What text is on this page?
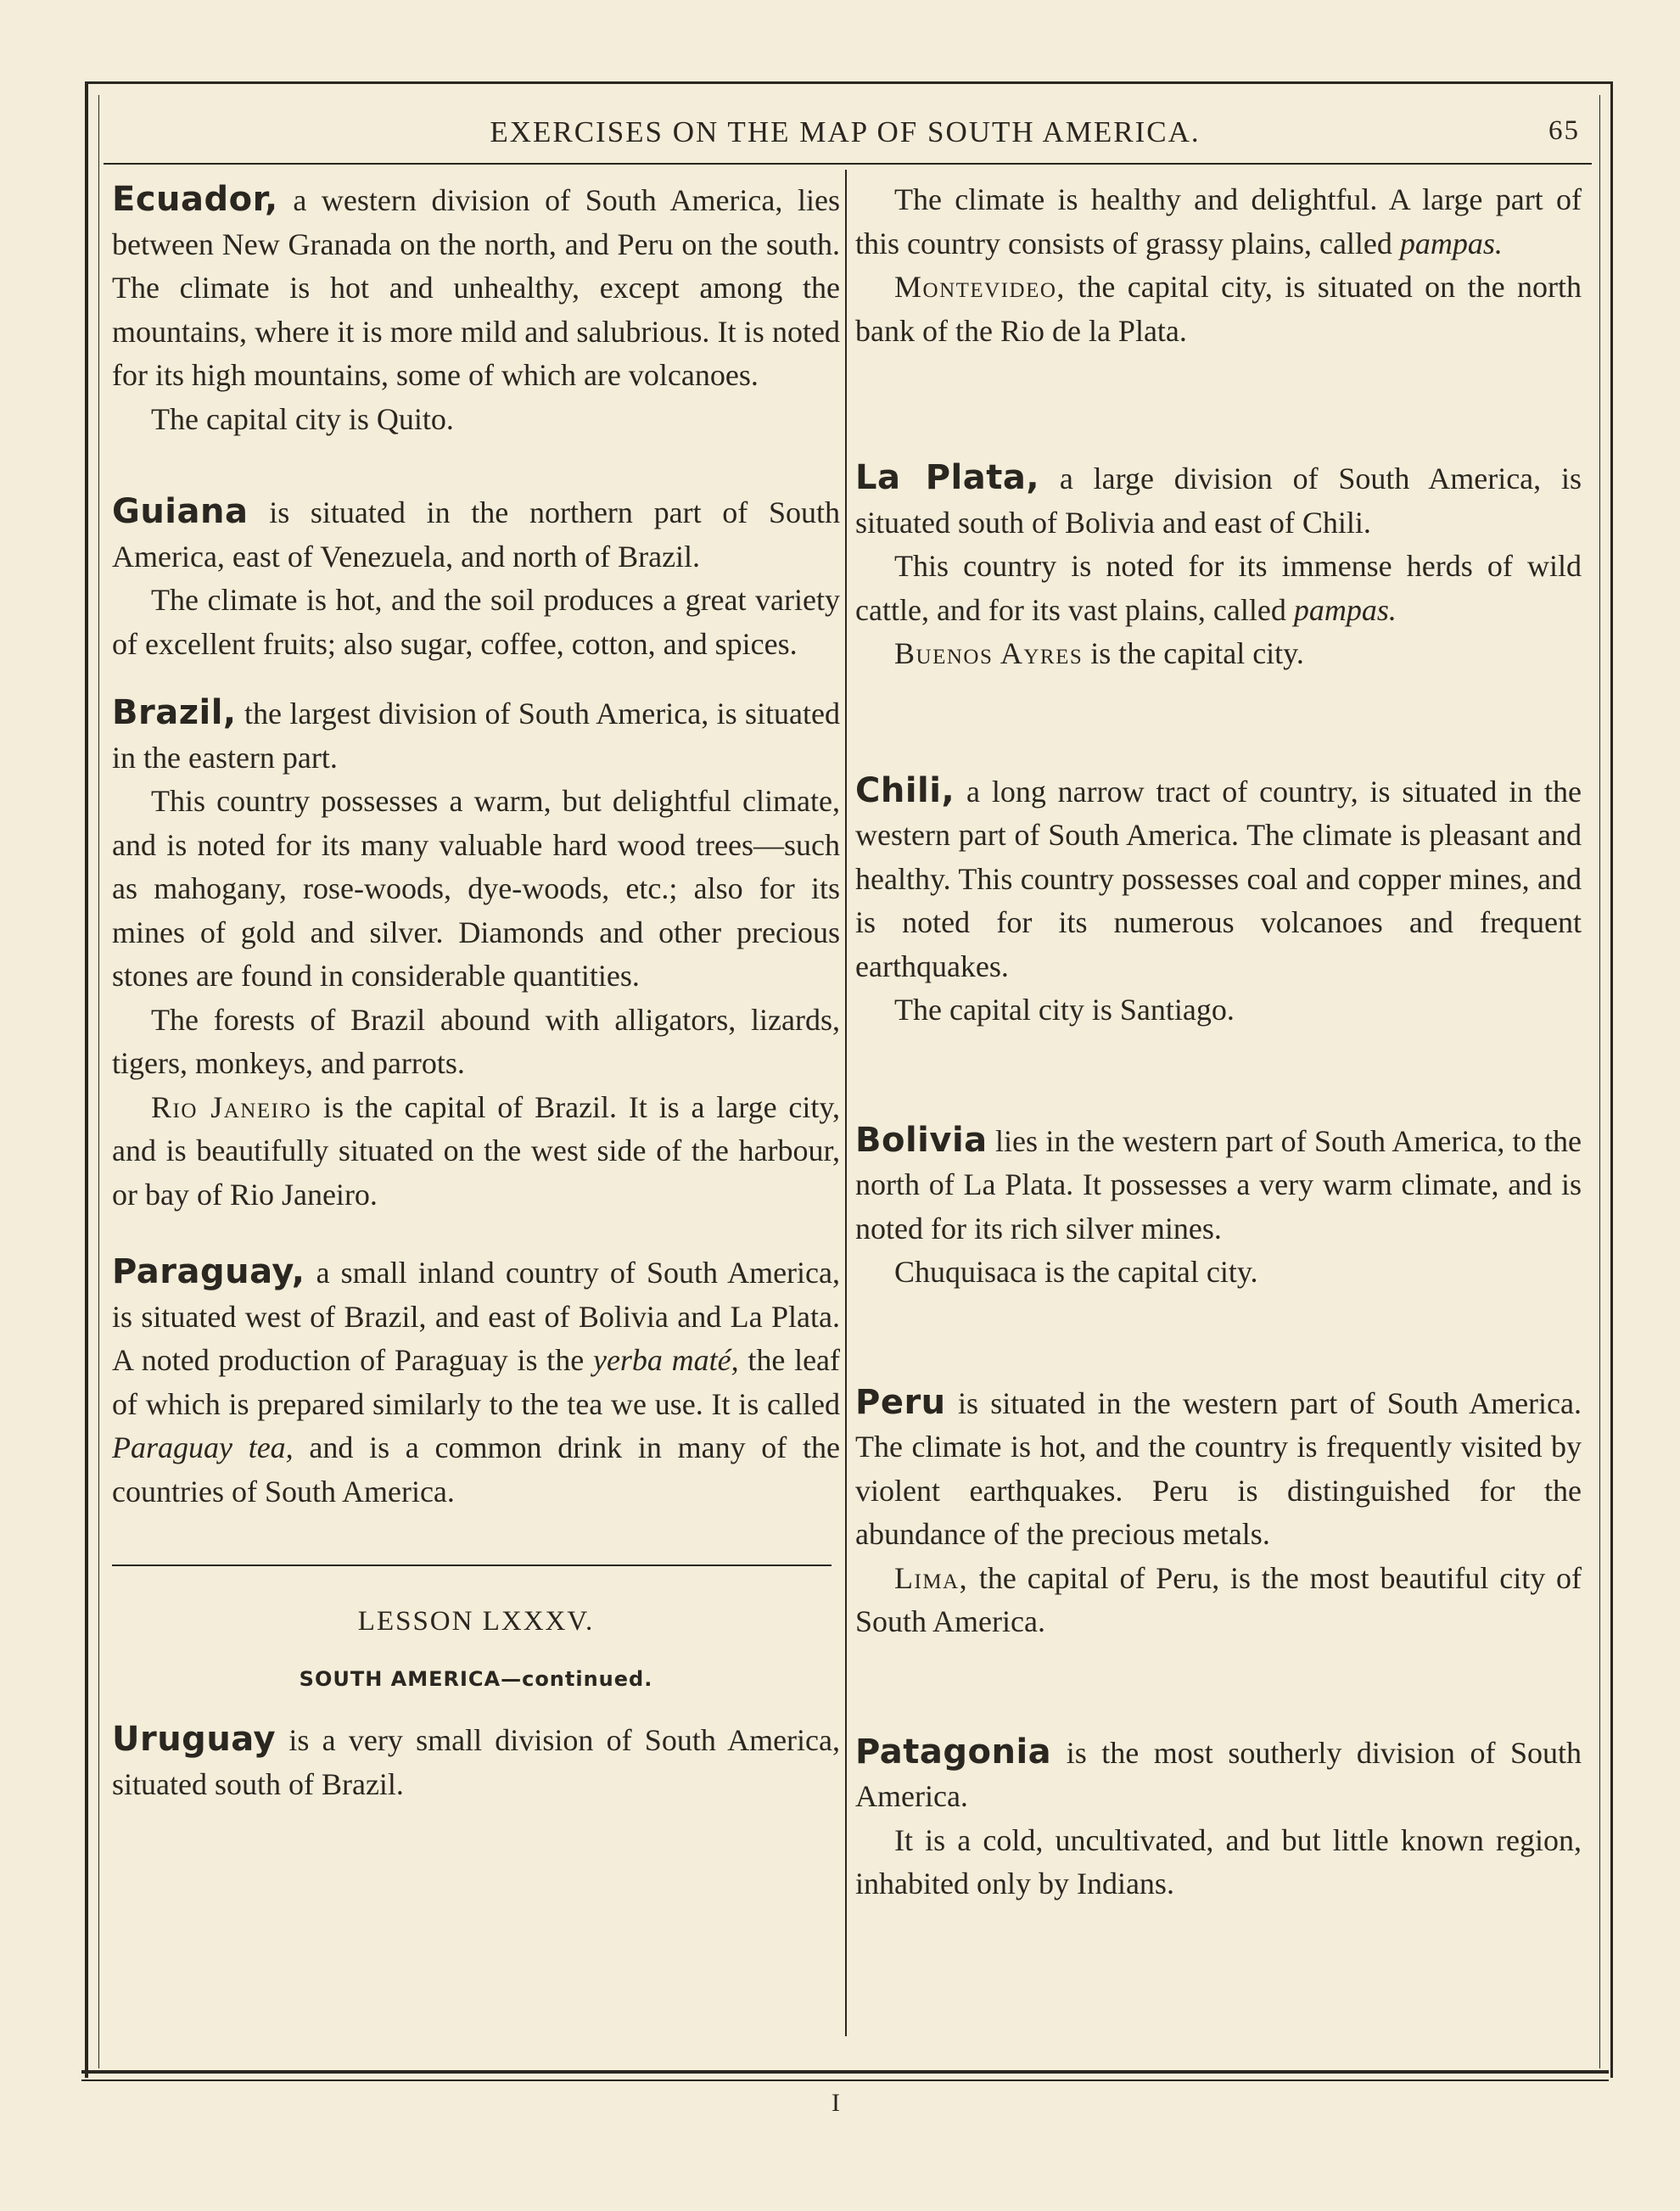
EXERCISES ON THE MAP OF SOUTH AMERICA.	65

Ecuador, a western division of South America, lies between New Granada on the north, and Peru on the south. The climate is hot and unhealthy, except among the mountains, where it is more mild and salubrious. It is noted for its high mountains, some of which are volcanoes.

The capital city is Quito.

Guiana is situated in the northern part of South America, east of Venezuela, and north of Brazil.

The climate is hot, and the soil produces a great variety of excellent fruits; also sugar, coffee, cotton, and spices.

Brazil, the largest division of South America, is situated in the eastern part.

This country possesses a warm, but delightful climate, and is noted for its many valuable hard wood trees—such as mahogany, rose-woods, dye-woods, etc.; also for its mines of gold and silver. Diamonds and other precious stones are found in considerable quantities.

The forests of Brazil abound with alligators, lizards, tigers, monkeys, and parrots.

Rio Janeiro is the capital of Brazil. It is a large city, and is beautifully situated on the west side of the harbour, or bay of Rio Janeiro.

Paraguay, a small inland country of South America, is situated west of Brazil, and east of Bolivia and La Plata. A noted production of Paraguay is the yerba maté, the leaf of which is prepared similarly to the tea we use. It is called Paraguay tea, and is a common drink in many of the countries of South America.

LESSON LXXXV.
SOUTH AMERICA—continued.

Uruguay is a very small division of South America, situated south of Brazil.

The climate is healthy and delightful. A large part of this country consists of grassy plains, called pampas.

Montevideo, the capital city, is situated on the north bank of the Rio de la Plata.

La Plata, a large division of South America, is situated south of Bolivia and east of Chili.

This country is noted for its immense herds of wild cattle, and for its vast plains, called pampas.

Buenos Ayres is the capital city.

Chili, a long narrow tract of country, is situated in the western part of South America. The climate is pleasant and healthy. This country possesses coal and copper mines, and is noted for its numerous volcanoes and frequent earthquakes.

The capital city is Santiago.

Bolivia lies in the western part of South America, to the north of La Plata. It possesses a very warm climate, and is noted for its rich silver mines.

Chuquisaca is the capital city.

Peru is situated in the western part of South America. The climate is hot, and the country is frequently visited by violent earthquakes. Peru is distinguished for the abundance of the precious metals.

Lima, the capital of Peru, is the most beautiful city of South America.

Patagonia is the most southerly division of South America.

It is a cold, uncultivated, and but little known region, inhabited only by Indians.

I
